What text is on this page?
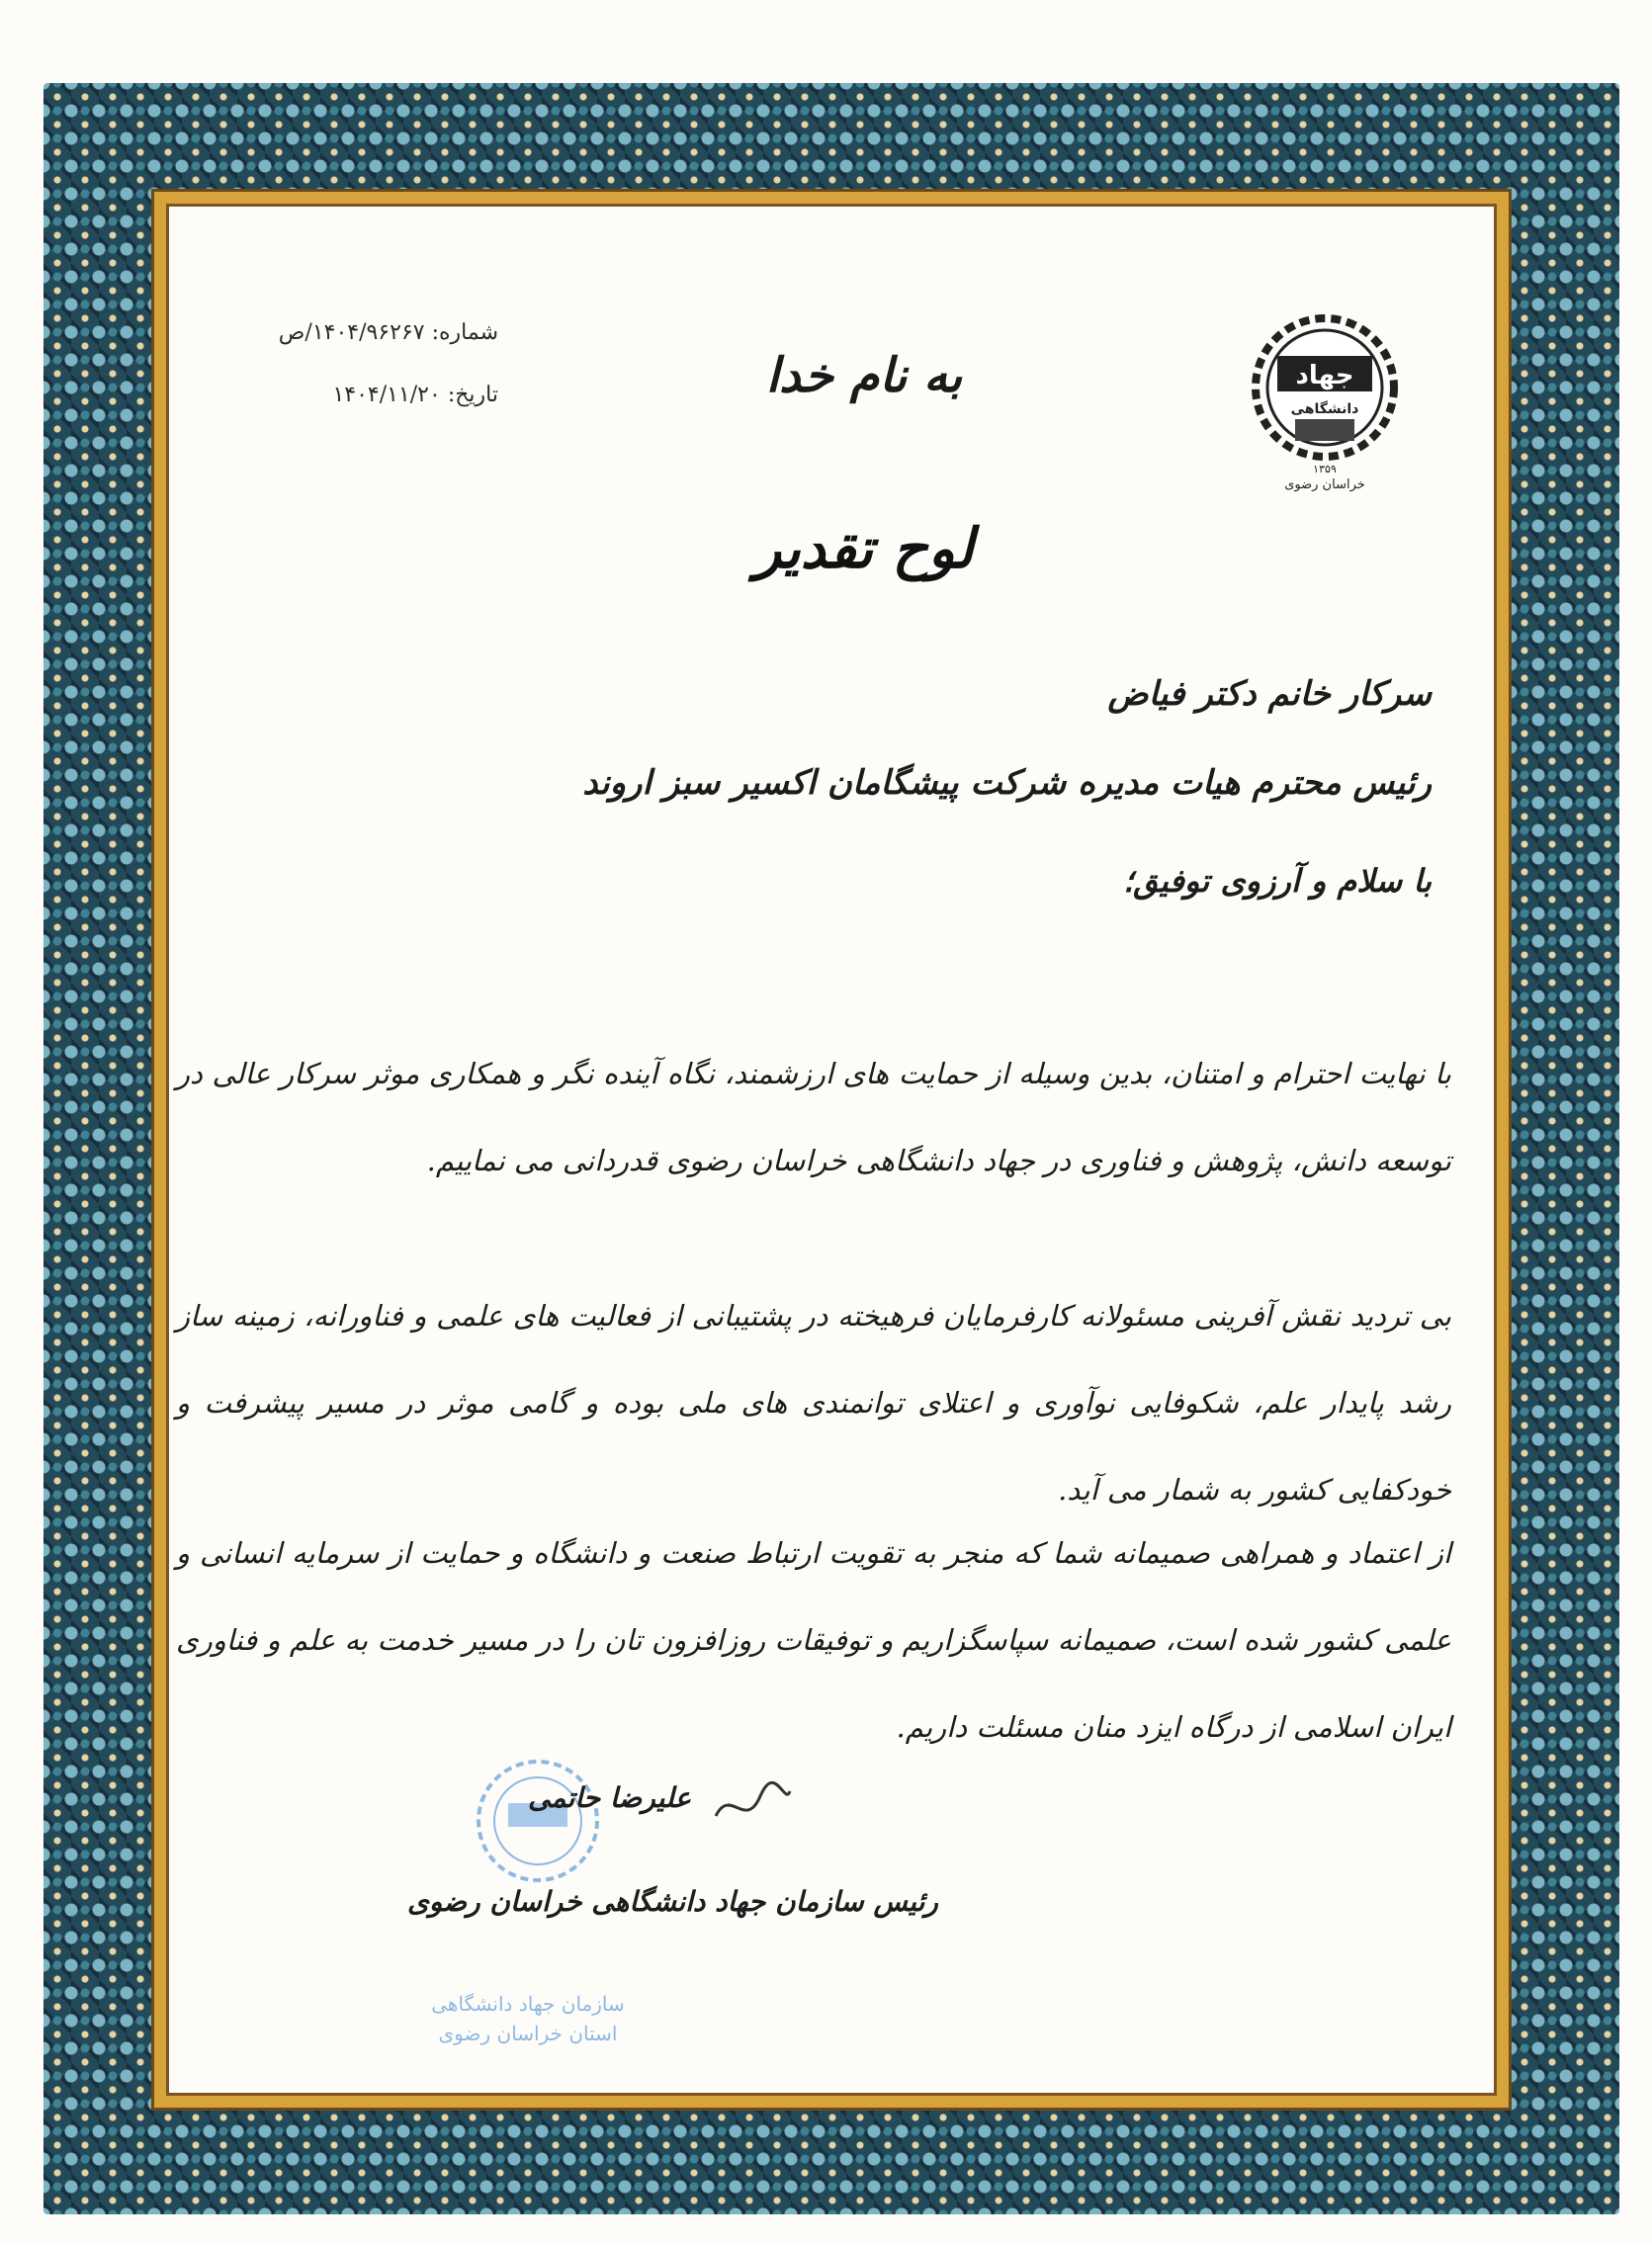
جهاد
دانشگاهی
۱۳۵۹
خراسان رضوی
شماره: ۱۴۰۴/۹۶۲۶۷/ص
تاریخ: ۱۴۰۴/۱۱/۲۰	به نام خدا
لوح تقدیر
سرکار خانم دکتر فیاض
رئیس محترم هیات مدیره شرکت پیشگامان اکسیر سبز اروند
با سلام و آرزوی توفیق؛
با نهایت احترام و امتنان، بدین وسیله از حمایت های ارزشمند، نگاه آینده نگر و همکاری موثر سرکار عالی در توسعه دانش، پژوهش و فناوری در جهاد دانشگاهی خراسان رضوی قدردانی می نماییم.
بی تردید نقش آفرینی مسئولانه کارفرمایان فرهیخته در پشتیبانی از فعالیت های علمی و فناورانه، زمینه ساز رشد پایدار علم، شکوفایی نوآوری و اعتلای توانمندی های ملی بوده و گامی موثر در مسیر پیشرفت و خودکفایی کشور به شمار می آید.
از اعتماد و همراهی صمیمانه شما که منجر به تقویت ارتباط صنعت و دانشگاه و حمایت از سرمایه انسانی و علمی کشور شده است، صمیمانه سپاسگزاریم و توفیقات روزافزون تان را در مسیر خدمت به علم و فناوری ایران اسلامی از درگاه ایزد منان مسئلت داریم.
علیرضا حاتمی
رئیس سازمان جهاد دانشگاهی خراسان رضوی
سازمان جهاد دانشگاهی
استان خراسان رضوی
